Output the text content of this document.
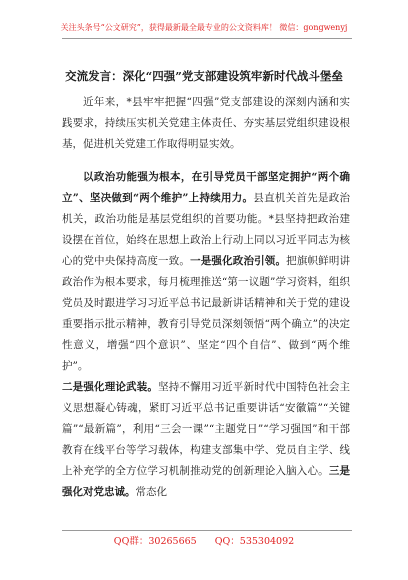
关注头条号“公文研究”，获得最新最全最专业的公文资料库！ 微信：gongwenyj
交流发言：深化“四强”党支部建设筑牢新时代战斗堡垒

近年来，*县牢牢把握“四强”党支部建设的深刻内涵和实践要求，持续压实机关党建主体责任、夯实基层党组织建设根基，促进机关党建工作取得明显实效。

以政治功能强为根本，在引导党员干部坚定拥护“两个确立”、坚决做到“两个维护”上持续用力。县直机关首先是政治机关，政治功能是基层党组织的首要功能。*县坚持把政治建设摆在首位，始终在思想上政治上行动上同以习近平同志为核心的党中央保持高度一致。一是强化政治引领。把旗帜鲜明讲政治作为根本要求，每月梳理推送“第一议题”学习资料，组织党员及时跟进学习习近平总书记最新讲话精神和关于党的建设重要指示批示精神，教育引导党员深刻领悟“两个确立”的决定性意义，增强“四个意识”、坚定“四个自信”、做到“两个维护”。

二是强化理论武装。坚持不懈用习近平新时代中国特色社会主义思想凝心铸魂，紧盯习近平总书记重要讲话“安徽篇”“关键篇”“最新篇”，利用“三会一课”“主题党日”“学习强国”和干部教育在线平台等学习载体，构建支部集中学、党员自主学、线上补充学的全方位学习机制推动党的创新理论入脑入心。三是强化对党忠诚。常态化

QQ群：30265665 QQ：535304092
